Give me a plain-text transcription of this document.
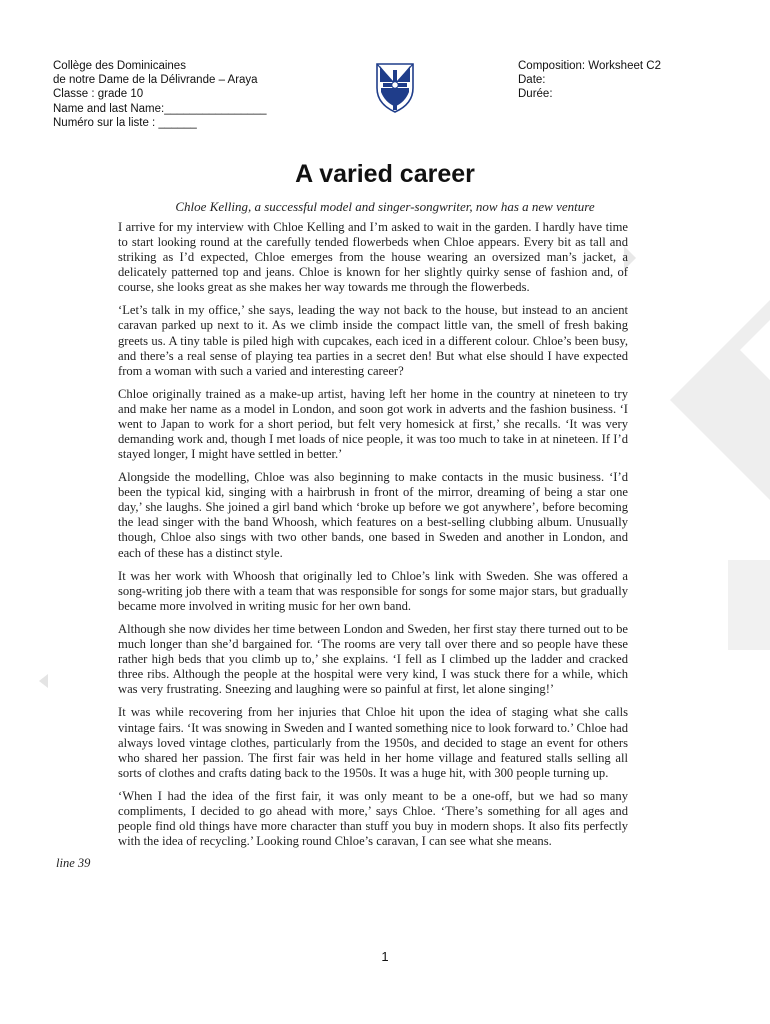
Collège des Dominicaines
de notre Dame de la Délivrande – Araya
Classe : grade 10
Name and last Name:________________
Numéro sur la liste : ______
Composition: Worksheet C2
Date:
Durée:
A varied career
Chloe Kelling, a successful model and singer-songwriter, now has a new venture

I arrive for my interview with Chloe Kelling and I’m asked to wait in the garden. I hardly have time to start looking round at the carefully tended flowerbeds when Chloe appears. Every bit as tall and striking as I’d expected, Chloe emerges from the house wearing an oversized man’s jacket, a delicately patterned top and jeans. Chloe is known for her slightly quirky sense of fashion and, of course, she looks great as she makes her way towards me through the flowerbeds.

‘Let’s talk in my office,’ she says, leading the way not back to the house, but instead to an ancient caravan parked up next to it. As we climb inside the compact little van, the smell of fresh baking greets us. A tiny table is piled high with cupcakes, each iced in a different colour. Chloe’s been busy, and there’s a real sense of playing tea parties in a secret den! But what else should I have expected from a woman with such a varied and interesting career?

Chloe originally trained as a make-up artist, having left her home in the country at nineteen to try and make her name as a model in London, and soon got work in adverts and the fashion business. ‘I went to Japan to work for a short period, but felt very homesick at first,’ she recalls. ‘It was very demanding work and, though I met loads of nice people, it was too much to take in at nineteen. If I’d stayed longer, I might have settled in better.’

Alongside the modelling, Chloe was also beginning to make contacts in the music business. ‘I’d been the typical kid, singing with a hairbrush in front of the mirror, dreaming of being a star one day,’ she laughs. She joined a girl band which ‘broke up before we got anywhere’, before becoming the lead singer with the band Whoosh, which features on a best-selling clubbing album. Unusually though, Chloe also sings with two other bands, one based in Sweden and another in London, and each of these has a distinct style.

It was her work with Whoosh that originally led to Chloe’s link with Sweden. She was offered a song-writing job there with a team that was responsible for songs for some major stars, but gradually became more involved in writing music for her own band.

Although she now divides her time between London and Sweden, her first stay there turned out to be much longer than she’d bargained for. ‘The rooms are very tall over there and so people have these rather high beds that you climb up to,’ she explains. ‘I fell as I climbed up the ladder and cracked three ribs. Although the people at the hospital were very kind, I was stuck there for a while, which was very frustrating. Sneezing and laughing were so painful at first, let alone singing!’

It was while recovering from her injuries that Chloe hit upon the idea of staging what she calls vintage fairs. ‘It was snowing in Sweden and I wanted something nice to look forward to.’ Chloe had always loved vintage clothes, particularly from the 1950s, and decided to stage an event for others who shared her passion. The first fair was held in her home village and featured stalls selling all sorts of clothes and crafts dating back to the 1950s. It was a huge hit, with 300 people turning up.

‘When I had the idea of the first fair, it was only meant to be a one-off, but we had so many compliments, I decided to go ahead with more,’ says Chloe. ‘There’s something for all ages and people find old things have more character than stuff you buy in modern shops. It also fits perfectly with the idea of recycling.’ Looking round Chloe’s caravan, I can see what she means.

line 39
1
